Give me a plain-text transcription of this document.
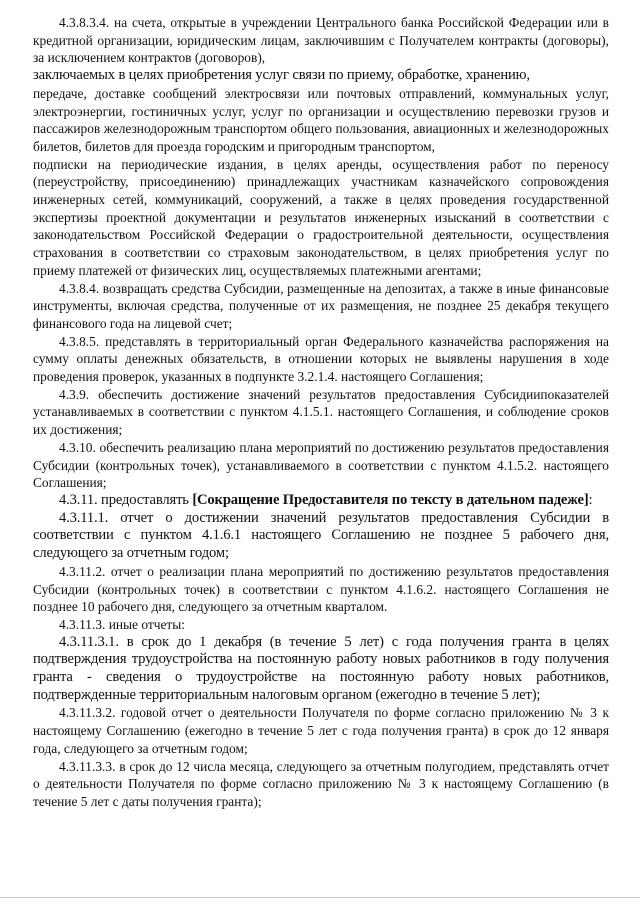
4.3.8.3.4. на счета, открытые в учреждении Центрального банка Российской Федерации или в кредитной организации, юридическим лицам, заключившим с Получателем контракты (договоры), за исключением контрактов (договоров),

заключаемых в целях приобретения услуг связи по приему, обработке, хранению,

передаче, доставке сообщений электросвязи или почтовых отправлений, коммунальных услуг, электроэнергии, гостиничных услуг, услуг по организации и осуществлению перевозки грузов и пассажиров железнодорожным транспортом общего пользования, авиационных и железнодорожных билетов, билетов для проезда городским и пригородным транспортом,

подписки на периодические издания, в целях аренды, осуществления работ по переносу (переустройству, присоединению) принадлежащих участникам казначейского сопровождения инженерных сетей, коммуникаций, сооружений, а также в целях проведения государственной экспертизы проектной документации и результатов инженерных изысканий в соответствии с законодательством Российской Федерации о градостроительной деятельности, осуществления страхования в соответствии со страховым законодательством, в целях приобретения услуг по приему платежей от физических лиц, осуществляемых платежными агентами;

4.3.8.4. возвращать средства Субсидии, размещенные на депозитах, а также в иные финансовые инструменты, включая средства, полученные от их размещения, не позднее 25 декабря текущего финансового года на лицевой счет;

4.3.8.5. представлять в территориальный орган Федерального казначейства распоряжения на сумму оплаты денежных обязательств, в отношении которых не выявлены нарушения в ходе проведения проверок, указанных в подпункте 3.2.1.4. настоящего Соглашения;

4.3.9. обеспечить достижение значений результатов предоставления Субсидиипоказателей устанавливаемых в соответствии с пунктом 4.1.5.1. настоящего Соглашения, и соблюдение сроков их достижения;

4.3.10. обеспечить реализацию плана мероприятий по достижению результатов предоставления Субсидии (контрольных точек), устанавливаемого в соответствии с пунктом 4.1.5.2. настоящего Соглашения;

4.3.11. предоставлять [Сокращение Предоставителя по тексту в дательном падеже]:

4.3.11.1. отчет о достижении значений результатов предоставления Субсидии в соответствии с пунктом 4.1.6.1 настоящего Соглашению не позднее 5 рабочего дня, следующего за отчетным годом;

4.3.11.2. отчет о реализации плана мероприятий по достижению результатов предоставления Субсидии (контрольных точек) в соответствии с пунктом 4.1.6.2. настоящего Соглашения не позднее 10 рабочего дня, следующего за отчетным кварталом.

4.3.11.3. иные отчеты:

4.3.11.3.1. в срок до 1 декабря (в течение 5 лет) с года получения гранта в целях подтверждения трудоустройства на постоянную работу новых работников в году получения гранта - сведения о трудоустройстве на постоянную работу новых работников, подтвержденные территориальным налоговым органом (ежегодно в течение 5 лет);

4.3.11.3.2. годовой отчет о деятельности Получателя по форме согласно приложению № 3 к настоящему Соглашению (ежегодно в течение 5 лет с года получения гранта) в срок до 12 января года, следующего за отчетным годом;

4.3.11.3.3. в срок до 12 числа месяца, следующего за отчетным полугодием, представлять отчет о деятельности Получателя по форме согласно приложению № 3 к настоящему Соглашению (в течение 5 лет с даты получения гранта);
